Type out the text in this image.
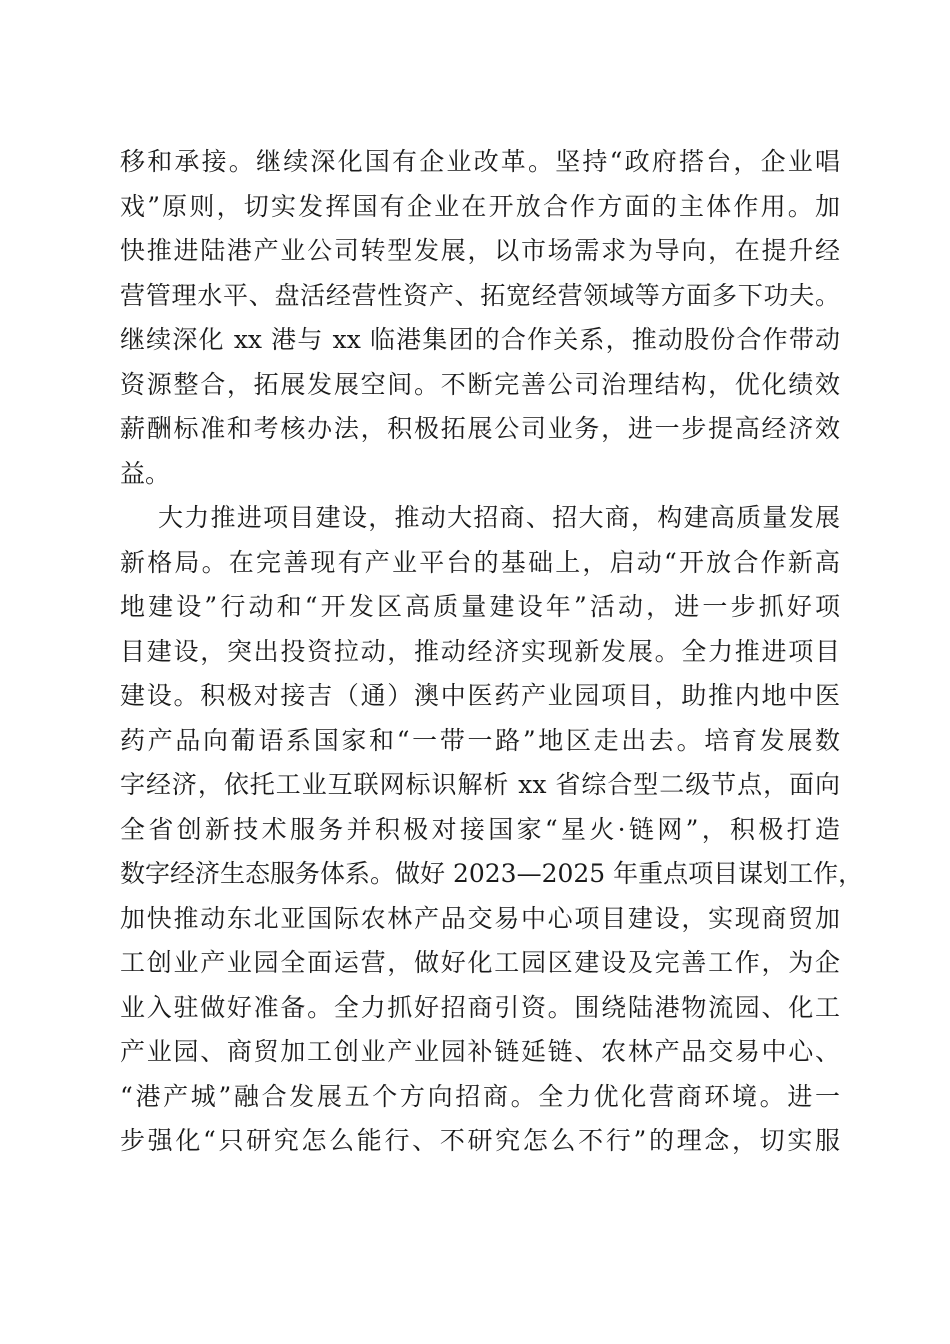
移和承接。继续深化国有企业改革。坚持“政府搭台，企业唱
戏”原则，切实发挥国有企业在开放合作方面的主体作用。加
快推进陆港产业公司转型发展，以市场需求为导向，在提升经
营管理水平、盘活经营性资产、拓宽经营领域等方面多下功夫。
继续深化 xx 港与 xx 临港集团的合作关系，推动股份合作带动
资源整合，拓展发展空间。不断完善公司治理结构，优化绩效
薪酬标准和考核办法，积极拓展公司业务，进一步提高经济效
益。
大力推进项目建设，推动大招商、招大商，构建高质量发展
新格局。在完善现有产业平台的基础上，启动“开放合作新高
地建设”行动和“开发区高质量建设年”活动，进一步抓好项
目建设，突出投资拉动，推动经济实现新发展。全力推进项目
建设。积极对接吉（通）澳中医药产业园项目，助推内地中医
药产品向葡语系国家和“一带一路”地区走出去。培育发展数
字经济，依托工业互联网标识解析 xx 省综合型二级节点，面向
全省创新技术服务并积极对接国家“星火·链网”，积极打造
数字经济生态服务体系。做好 2023—2025 年重点项目谋划工作，
加快推动东北亚国际农林产品交易中心项目建设，实现商贸加
工创业产业园全面运营，做好化工园区建设及完善工作，为企
业入驻做好准备。全力抓好招商引资。围绕陆港物流园、化工
产业园、商贸加工创业产业园补链延链、农林产品交易中心、
“港产城”融合发展五个方向招商。全力优化营商环境。进一
步强化“只研究怎么能行、不研究怎么不行”的理念，切实服
